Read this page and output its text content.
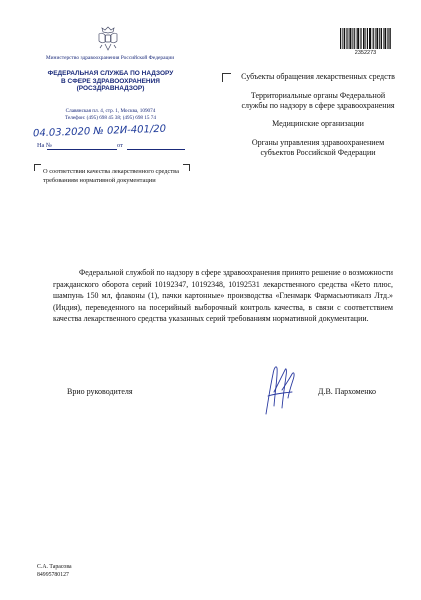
Министерство здравоохранения Российской Федерации
ФЕДЕРАЛЬНАЯ СЛУЖБА ПО НАДЗОРУ
В СФЕРЕ ЗДРАВООХРАНЕНИЯ
(РОСЗДРАВНАДЗОР)
Славянская пл. 4, стр. 1, Москва, 109074
Телефон: (495) 698 45 38; (495) 698 15 74
04.03.2020 № 02И-401/20
На №	от
О соответствии качества лекарственного средства требованиям нормативной документации
2352273
Субъекты обращения лекарственных средств
Территориальные органы Федеральной службы по надзору в сфере здравоохранения
Медицинские организации
Органы управления здравоохранением субъектов Российской Федерации
Федеральной службой по надзору в сфере здравоохранения принято решение о возможности гражданского оборота серий 10192347, 10192348, 10192531 лекарственного средства «Кето плюс, шампунь 150 мл, флаконы (1), пачки картонные» производства «Гленмарк Фармасьютикалз Лтд.» (Индия), переведенного на посерийный выборочный контроль качества, в связи с соответствием качества лекарственного средства указанных серий требованиям нормативной документации.
Врио руководителя	Д.В. Пархоменко
С.А. Тарасова
84995780127
